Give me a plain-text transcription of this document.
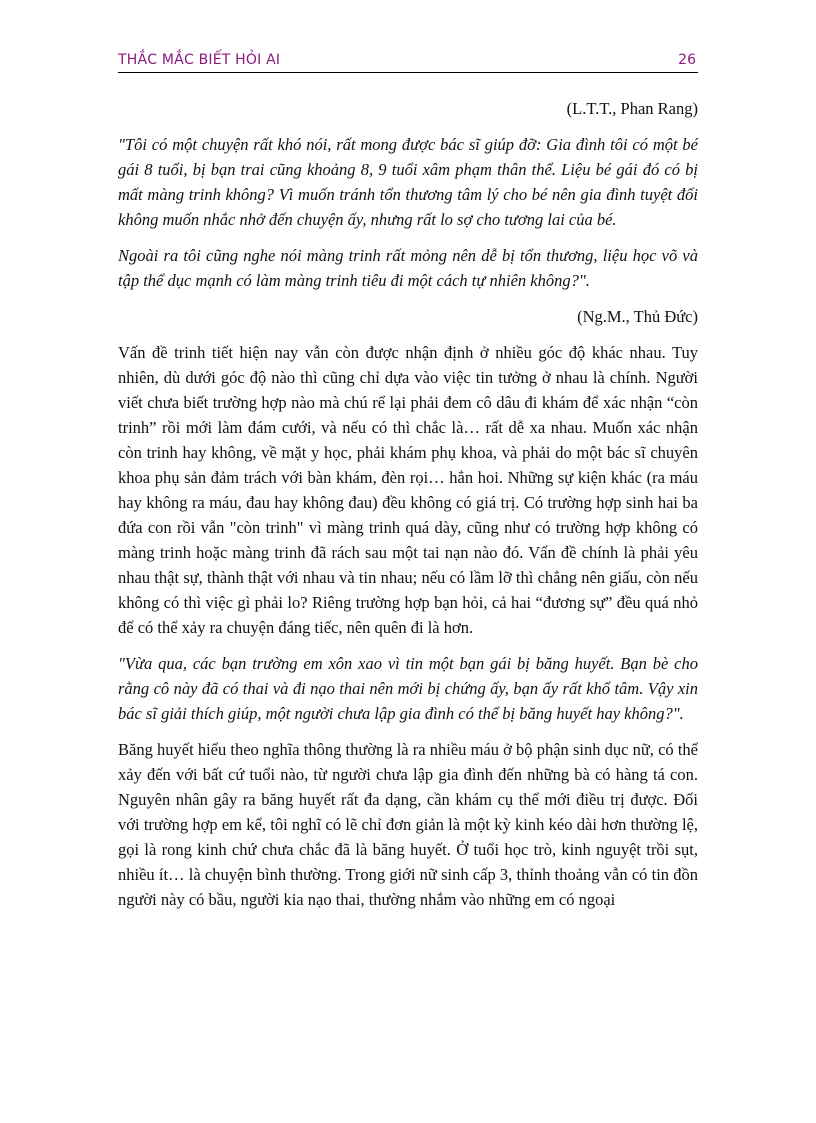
THẮC MẮC BIẾT HỎI AI	26

(L.T.T., Phan Rang)

"Tôi có một chuyện rất khó nói, rất mong được bác sĩ giúp đỡ: Gia đình tôi có một bé gái 8 tuổi, bị bạn trai cũng khoảng 8, 9 tuổi xâm phạm thân thể. Liệu bé gái đó có bị mất màng trinh không? Vì muốn tránh tổn thương tâm lý cho bé nên gia đình tuyệt đối không muốn nhắc nhở đến chuyện ấy, nhưng rất lo sợ cho tương lai của bé.

Ngoài ra tôi cũng nghe nói màng trinh rất mỏng nên dễ bị tổn thương, liệu học võ và tập thể dục mạnh có làm màng trinh tiêu đi một cách tự nhiên không?".

(Ng.M., Thủ Đức)

Vấn đề trinh tiết hiện nay vẫn còn được nhận định ở nhiều góc độ khác nhau. Tuy nhiên, dù dưới góc độ nào thì cũng chỉ dựa vào việc tin tưởng ở nhau là chính. Người viết chưa biết trường hợp nào mà chú rể lại phải đem cô dâu đi khám để xác nhận “còn trinh” rồi mới làm đám cưới, và nếu có thì chắc là… rất dễ xa nhau. Muốn xác nhận còn trinh hay không, về mặt y học, phải khám phụ khoa, và phải do một bác sĩ chuyên khoa phụ sản đảm trách với bàn khám, đèn rọi… hẳn hoi. Những sự kiện khác (ra máu hay không ra máu, đau hay không đau) đều không có giá trị. Có trường hợp sinh hai ba đứa con rồi vẫn "còn trinh" vì màng trinh quá dày, cũng như có trường hợp không có màng trinh hoặc màng trinh đã rách sau một tai nạn nào đó. Vấn đề chính là phải yêu nhau thật sự, thành thật với nhau và tin nhau; nếu có lầm lỡ thì chẳng nên giấu, còn nếu không có thì việc gì phải lo? Riêng trường hợp bạn hỏi, cả hai “đương sự” đều quá nhỏ để có thể xảy ra chuyện đáng tiếc, nên quên đi là hơn.

"Vừa qua, các bạn trường em xôn xao vì tin một bạn gái bị băng huyết. Bạn bè cho rằng cô này đã có thai và đi nạo thai nên mới bị chứng ấy, bạn ấy rất khổ tâm. Vậy xin bác sĩ giải thích giúp, một người chưa lập gia đình có thể bị băng huyết hay không?".

Băng huyết hiểu theo nghĩa thông thường là ra nhiều máu ở bộ phận sinh dục nữ, có thể xảy đến với bất cứ tuổi nào, từ người chưa lập gia đình đến những bà có hàng tá con. Nguyên nhân gây ra băng huyết rất đa dạng, cần khám cụ thể mới điều trị được. Đối với trường hợp em kể, tôi nghĩ có lẽ chỉ đơn giản là một kỳ kinh kéo dài hơn thường lệ, gọi là rong kinh chứ chưa chắc đã là băng huyết. Ở tuổi học trò, kinh nguyệt trồi sụt, nhiều ít… là chuyện bình thường. Trong giới nữ sinh cấp 3, thỉnh thoảng vẫn có tin đồn người này có bầu, người kia nạo thai, thường nhắm vào những em có ngoại
